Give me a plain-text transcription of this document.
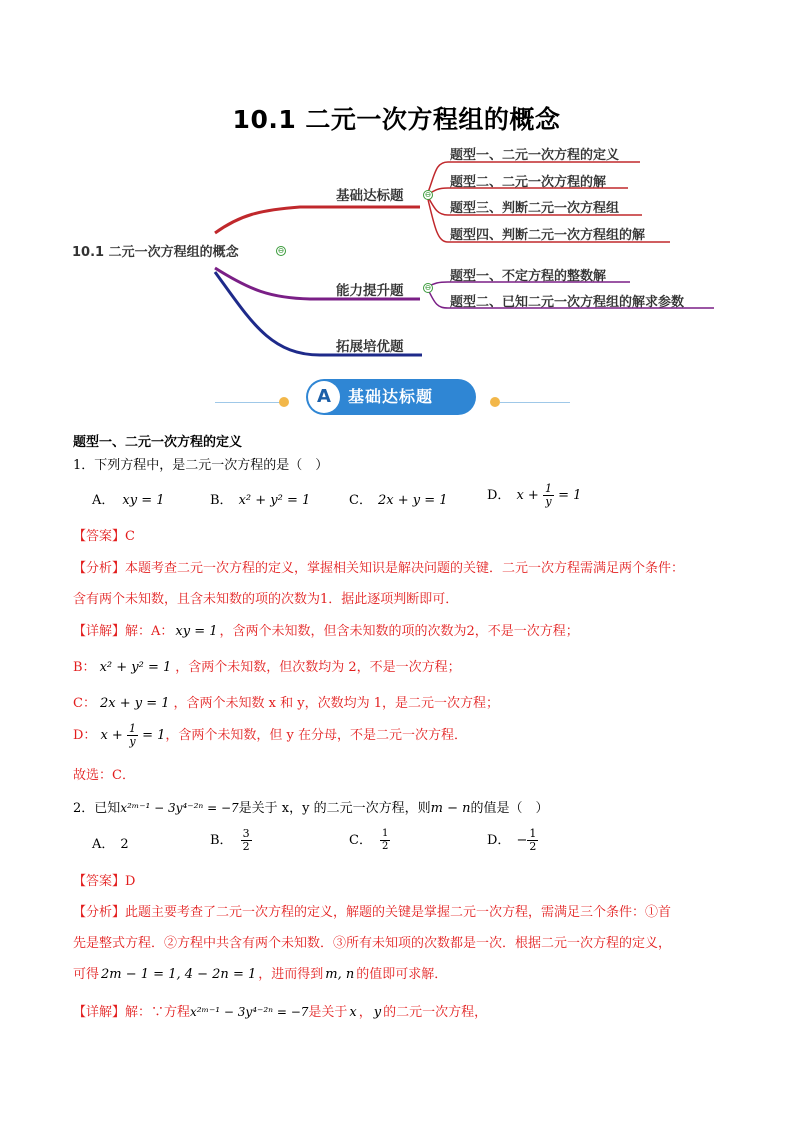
10.1 二元一次方程组的概念
10.1 二元一次方程组的概念	⊖
基础达标题	⊖
能力提升题	⊖
拓展培优题
题型一、二元一次方程的定义
题型二、二元一次方程的解
题型三、判断二元一次方程组
题型四、判断二元一次方程组的解
题型一、不定方程的整数解
题型二、已知二元一次方程组的解求参数
A	基础达标题
题型一、二元一次方程的定义
1．下列方程中，是二元一次方程的是（　）
A． xy = 1	B． x² + y² = 1	C． 2x + y = 1	D． $x + \frac{1}{y} = 1$
【答案】C
【分析】本题考查二元一次方程的定义，掌握相关知识是解决问题的关键．二元一次方程需满足两个条件：
含有两个未知数，且含未知数的项的次数为1．据此逐项判断即可．
【详解】解：A： xy = 1 ，含两个未知数，但含未知数的项的次数为2，不是一次方程；
B： x² + y² = 1 ，含两个未知数，但次数均为 2，不是一次方程；
C： 2x + y = 1 ，含两个未知数 x 和 y，次数均为 1，是二元一次方程；
D： $x + \frac{1}{y} = 1$，含两个未知数，但 y 在分母，不是二元一次方程．
故选：C．
2．已知x²ᵐ⁻¹ − 3y⁴⁻²ⁿ = −7是关于 x，y 的二元一次方程，则m − n的值是（　）
A． 2	B． $\frac{3}{2}$	C． $\frac{1}{2}$	D． − $\frac{1}{2}$
【答案】D
【分析】此题主要考查了二元一次方程的定义，解题的关键是掌握二元一次方程，需满足三个条件：①首
先是整式方程．②方程中共含有两个未知数．③所有未知项的次数都是一次．根据二元一次方程的定义，
可得 2m − 1 = 1, 4 − 2n = 1 ，进而得到 m, n 的值即可求解．
【详解】解：∵方程x²ᵐ⁻¹ − 3y⁴⁻²ⁿ = −7是关于 x ， y 的二元一次方程，
